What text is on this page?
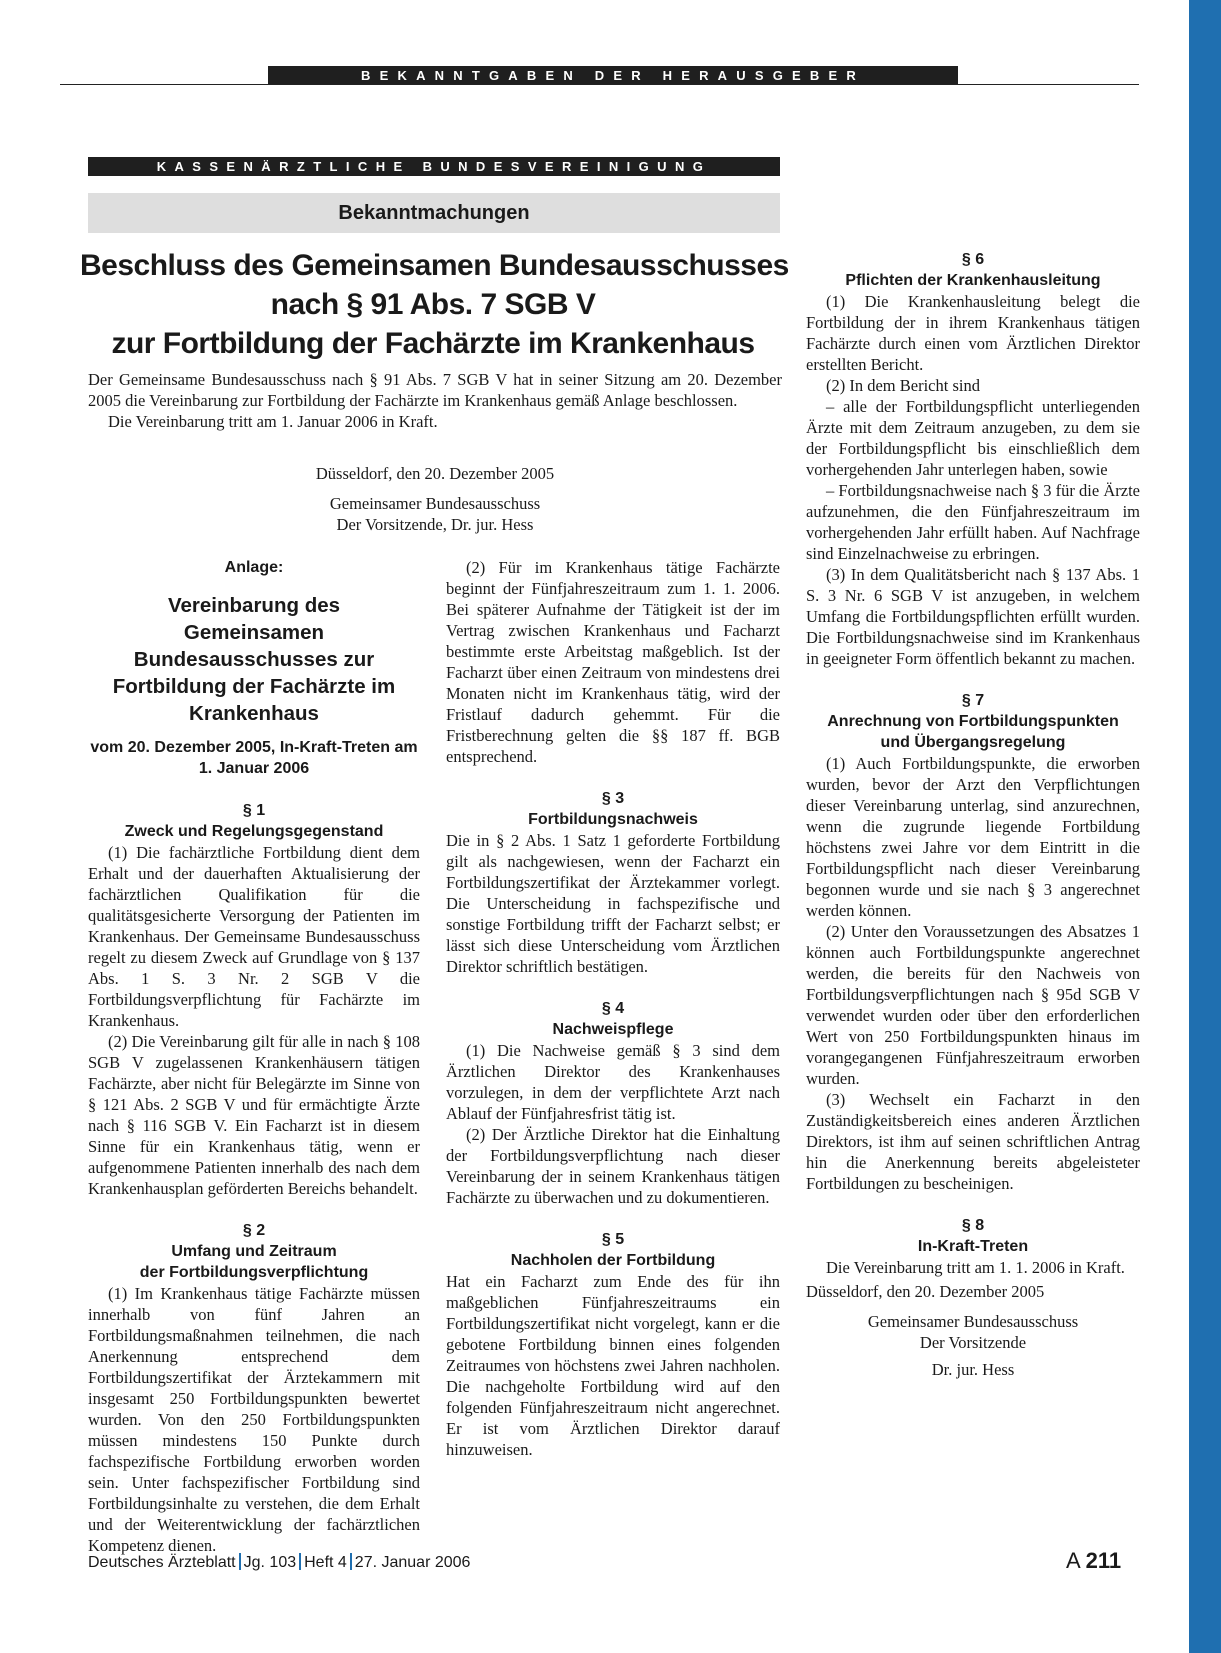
BEKANNTGABEN DER HERAUSGEBER
KASSENÄRZTLICHE BUNDESVEREINIGUNG
Bekanntmachungen
Beschluss des Gemeinsamen Bundesausschusses
nach § 91 Abs. 7 SGB V
zur Fortbildung der Fachärzte im Krankenhaus

Der Gemeinsame Bundesausschuss nach § 91 Abs. 7 SGB V hat in seiner Sitzung am 20. Dezember 2005 die Vereinbarung zur Fortbildung der Fachärzte im Krankenhaus gemäß Anlage beschlossen.

Die Vereinbarung tritt am 1. Januar 2006 in Kraft.

Düsseldorf, den 20. Dezember 2005
Gemeinsamer Bundesausschuss
Der Vorsitzende, Dr. jur. Hess

Anlage:

Vereinbarung des Gemeinsamen Bundesausschusses zur Fortbildung der Fachärzte im Krankenhaus

vom 20. Dezember 2005, In-Kraft-Treten am 1. Januar 2006

§ 1

Zweck und Regelungsgegenstand

(1) Die fachärztliche Fortbildung dient dem Erhalt und der dauerhaften Aktualisierung der fachärztlichen Qualifikation für die qualitätsgesicherte Versorgung der Patienten im Krankenhaus. Der Gemeinsame Bundesausschuss regelt zu diesem Zweck auf Grundlage von § 137 Abs. 1 S. 3 Nr. 2 SGB V die Fortbildungsverpflichtung für Fachärzte im Krankenhaus.

(2) Die Vereinbarung gilt für alle in nach § 108 SGB V zugelassenen Krankenhäusern tätigen Fachärzte, aber nicht für Belegärzte im Sinne von § 121 Abs. 2 SGB V und für ermächtigte Ärzte nach § 116 SGB V. Ein Facharzt ist in diesem Sinne für ein Krankenhaus tätig, wenn er aufgenommene Patienten innerhalb des nach dem Krankenhausplan geförderten Bereichs behandelt.

§ 2

Umfang und Zeitraum

der Fortbildungsverpflichtung

(1) Im Krankenhaus tätige Fachärzte müssen innerhalb von fünf Jahren an Fortbildungsmaßnahmen teilnehmen, die nach Anerkennung entsprechend dem Fortbildungszertifikat der Ärztekammern mit insgesamt 250 Fortbildungspunkten bewertet wurden. Von den 250 Fortbildungspunkten müssen mindestens 150 Punkte durch fachspezifische Fortbildung erworben worden sein. Unter fachspezifischer Fortbildung sind Fortbildungsinhalte zu verstehen, die dem Erhalt und der Weiterentwicklung der fachärztlichen Kompetenz dienen.

(2) Für im Krankenhaus tätige Fachärzte beginnt der Fünfjahreszeitraum zum 1. 1. 2006. Bei späterer Aufnahme der Tätigkeit ist der im Vertrag zwischen Krankenhaus und Facharzt bestimmte erste Arbeitstag maßgeblich. Ist der Facharzt über einen Zeitraum von mindestens drei Monaten nicht im Krankenhaus tätig, wird der Fristlauf dadurch gehemmt. Für die Fristberechnung gelten die §§ 187 ff. BGB entsprechend.

§ 3

Fortbildungsnachweis

Die in § 2 Abs. 1 Satz 1 geforderte Fortbildung gilt als nachgewiesen, wenn der Facharzt ein Fortbildungszertifikat der Ärztekammer vorlegt. Die Unterscheidung in fachspezifische und sonstige Fortbildung trifft der Facharzt selbst; er lässt sich diese Unterscheidung vom Ärztlichen Direktor schriftlich bestätigen.

§ 4

Nachweispflege

(1) Die Nachweise gemäß § 3 sind dem Ärztlichen Direktor des Krankenhauses vorzulegen, in dem der verpflichtete Arzt nach Ablauf der Fünfjahresfrist tätig ist.

(2) Der Ärztliche Direktor hat die Einhaltung der Fortbildungsverpflichtung nach dieser Vereinbarung der in seinem Krankenhaus tätigen Fachärzte zu überwachen und zu dokumentieren.

§ 5

Nachholen der Fortbildung

Hat ein Facharzt zum Ende des für ihn maßgeblichen Fünfjahreszeitraums ein Fortbildungszertifikat nicht vorgelegt, kann er die gebotene Fortbildung binnen eines folgenden Zeitraumes von höchstens zwei Jahren nachholen. Die nachgeholte Fortbildung wird auf den folgenden Fünfjahreszeitraum nicht angerechnet. Er ist vom Ärztlichen Direktor darauf hinzuweisen.

§ 6

Pflichten der Krankenhausleitung

(1) Die Krankenhausleitung belegt die Fortbildung der in ihrem Krankenhaus tätigen Fachärzte durch einen vom Ärztlichen Direktor erstellten Bericht.

(2) In dem Bericht sind

– alle der Fortbildungspflicht unterliegenden Ärzte mit dem Zeitraum anzugeben, zu dem sie der Fortbildungspflicht bis einschließlich dem vorhergehenden Jahr unterlegen haben, sowie

– Fortbildungsnachweise nach § 3 für die Ärzte aufzunehmen, die den Fünfjahreszeitraum im vorhergehenden Jahr erfüllt haben. Auf Nachfrage sind Einzelnachweise zu erbringen.

(3) In dem Qualitätsbericht nach § 137 Abs. 1 S. 3 Nr. 6 SGB V ist anzugeben, in welchem Umfang die Fortbildungspflichten erfüllt wurden. Die Fortbildungsnachweise sind im Krankenhaus in geeigneter Form öffentlich bekannt zu machen.

§ 7

Anrechnung von Fortbildungspunkten

und Übergangsregelung

(1) Auch Fortbildungspunkte, die erworben wurden, bevor der Arzt den Verpflichtungen dieser Vereinbarung unterlag, sind anzurechnen, wenn die zugrunde liegende Fortbildung höchstens zwei Jahre vor dem Eintritt in die Fortbildungspflicht nach dieser Vereinbarung begonnen wurde und sie nach § 3 angerechnet werden können.

(2) Unter den Voraussetzungen des Absatzes 1 können auch Fortbildungspunkte angerechnet werden, die bereits für den Nachweis von Fortbildungsverpflichtungen nach § 95d SGB V verwendet wurden oder über den erforderlichen Wert von 250 Fortbildungspunkten hinaus im vorangegangenen Fünfjahreszeitraum erworben wurden.

(3) Wechselt ein Facharzt in den Zuständigkeitsbereich eines anderen Ärztlichen Direktors, ist ihm auf seinen schriftlichen Antrag hin die Anerkennung bereits abgeleisteter Fortbildungen zu bescheinigen.

§ 8

In-Kraft-Treten

Die Vereinbarung tritt am 1. 1. 2006 in Kraft.

Düsseldorf, den 20. Dezember 2005

Gemeinsamer Bundesausschuss

Der Vorsitzende

Dr. jur. Hess

Deutsches Ärzteblatt Jg. 103 Heft 4 27. Januar 2006	A 211
